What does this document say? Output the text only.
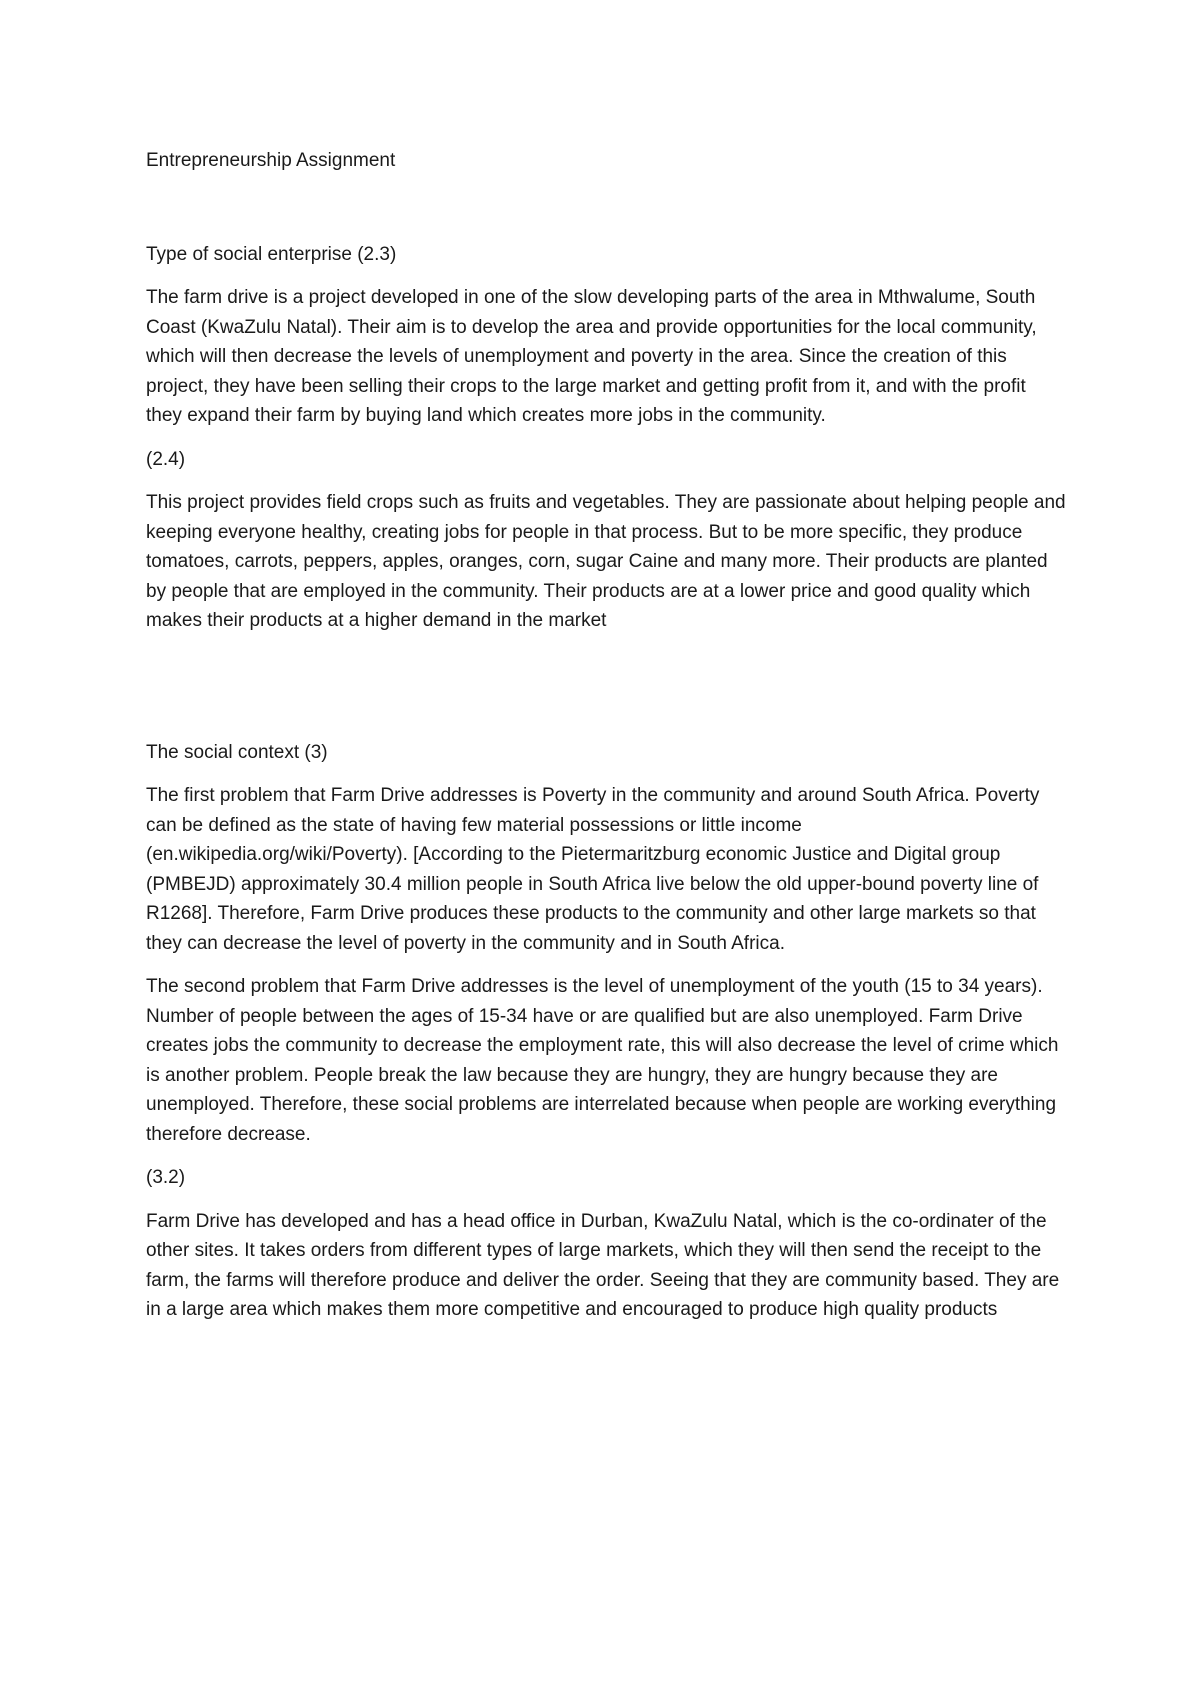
Entrepreneurship Assignment
Type of social enterprise (2.3)

The farm drive is a project developed in one of the slow developing parts of the area in Mthwalume, South Coast (KwaZulu Natal). Their aim is to develop the area and provide opportunities for the local community, which will then decrease the levels of unemployment and poverty in the area. Since the creation of this project, they have been selling their crops to the large market and getting profit from it, and with the profit they expand their farm by buying land which creates more jobs in the community.

(2.4)

This project provides field crops such as fruits and vegetables. They are passionate about helping people and keeping everyone healthy, creating jobs for people in that process. But to be more specific, they produce tomatoes, carrots, peppers, apples, oranges, corn, sugar Caine and many more. Their products are planted by people that are employed in the community. Their products are at a lower price and good quality which makes their products at a higher demand in the market

The social context (3)

The first problem that Farm Drive addresses is Poverty in the community and around South Africa. Poverty can be defined as the state of having few material possessions or little income (en.wikipedia.org/wiki/Poverty). [According to the Pietermaritzburg economic Justice and Digital group (PMBEJD) approximately 30.4 million people in South Africa live below the old upper-bound poverty line of R1268]. Therefore, Farm Drive produces these products to the community and other large markets so that they can decrease the level of poverty in the community and in South Africa.

The second problem that Farm Drive addresses is the level of unemployment of the youth (15 to 34 years). Number of people between the ages of 15-34 have or are qualified but are also unemployed. Farm Drive creates jobs the community to decrease the employment rate, this will also decrease the level of crime which is another problem. People break the law because they are hungry, they are hungry because they are unemployed. Therefore, these social problems are interrelated because when people are working everything therefore decrease.

(3.2)

Farm Drive has developed and has a head office in Durban, KwaZulu Natal, which is the co-ordinater of the other sites. It takes orders from different types of large markets, which they will then send the receipt to the farm, the farms will therefore produce and deliver the order. Seeing that they are community based. They are in a large area which makes them more competitive and encouraged to produce high quality products
